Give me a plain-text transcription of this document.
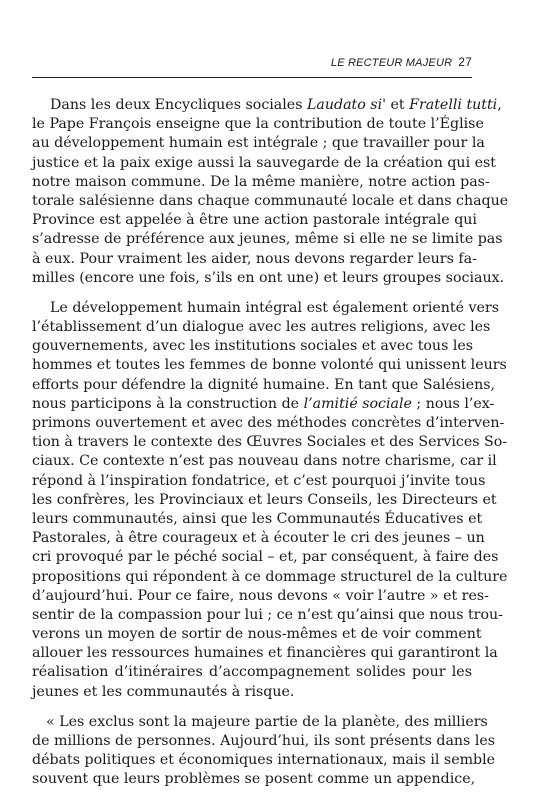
LE RECTEUR MAJEUR 27
Dans les deux Encycliques sociales Laudato si' et Fratelli tutti,
le Pape François enseigne que la contribution de toute l’Église
au développement humain est intégrale ; que travailler pour la
justice et la paix exige aussi la sauvegarde de la création qui est
notre maison commune. De la même manière, notre action pas-
torale salésienne dans chaque communauté locale et dans chaque
Province est appelée à être une action pastorale intégrale qui
s’adresse de préférence aux jeunes, même si elle ne se limite pas
à eux. Pour vraiment les aider, nous devons regarder leurs fa-
milles (encore une fois, s’ils en ont une) et leurs groupes sociaux.
Le développement humain intégral est également orienté vers
l’établissement d’un dialogue avec les autres religions, avec les
gouvernements, avec les institutions sociales et avec tous les
hommes et toutes les femmes de bonne volonté qui unissent leurs
efforts pour défendre la dignité humaine. En tant que Salésiens,
nous participons à la construction de l’amitié sociale ; nous l’ex-
primons ouvertement et avec des méthodes concrètes d’interven-
tion à travers le contexte des Œuvres Sociales et des Services So-
ciaux. Ce contexte n’est pas nouveau dans notre charisme, car il
répond à l’inspiration fondatrice, et c’est pourquoi j’invite tous
les confrères, les Provinciaux et leurs Conseils, les Directeurs et
leurs communautés, ainsi que les Communautés Éducatives et
Pastorales, à être courageux et à écouter le cri des jeunes – un
cri provoqué par le péché social – et, par conséquent, à faire des
propositions qui répondent à ce dommage structurel de la culture
d’aujourd’hui. Pour ce faire, nous devons « voir l’autre » et res-
sentir de la compassion pour lui ; ce n’est qu’ainsi que nous trou-
verons un moyen de sortir de nous-mêmes et de voir comment
allouer les ressources humaines et financières qui garantiront la
réalisation d’itinéraires d’accompagnement solides pour les
jeunes et les communautés à risque.
« Les exclus sont la majeure partie de la planète, des milliers
de millions de personnes. Aujourd’hui, ils sont présents dans les
débats politiques et économiques internationaux, mais il semble
souvent que leurs problèmes se posent comme un appendice,
